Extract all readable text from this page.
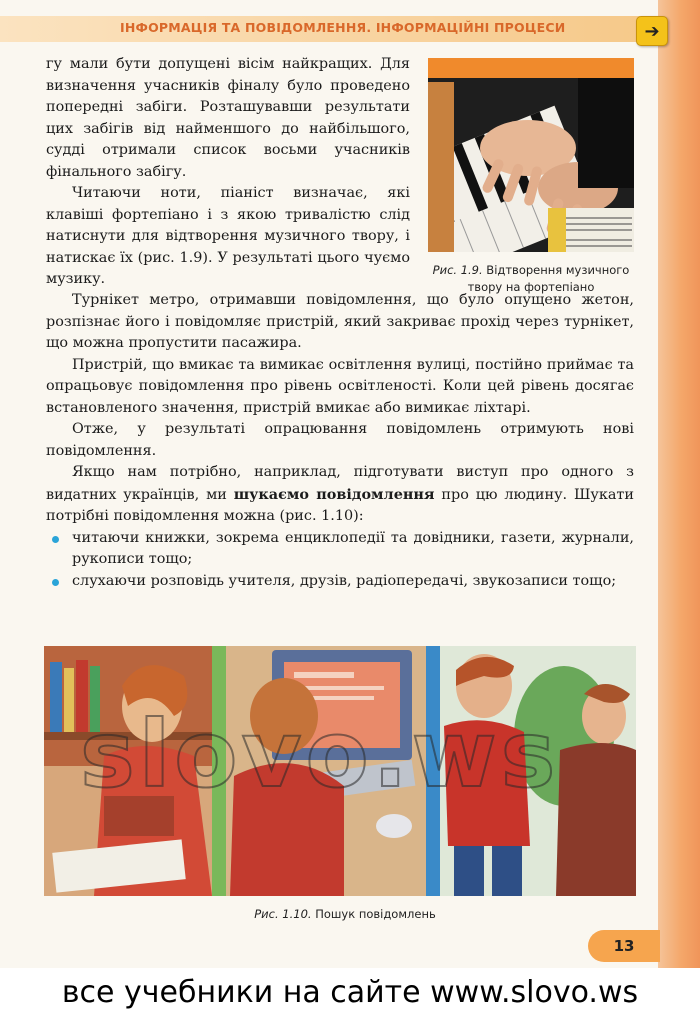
ІНФОРМАЦІЯ ТА ПОВІДОМЛЕННЯ. ІНФОРМАЦІЙНІ ПРОЦЕСИ	➔

гу мали бути допущені вісім найкращих. Для визначення учасників фіналу було проведено попередні забіги. Розташувавши результати цих забігів від найменшого до найбільшого, судді отримали список восьми учасників фінального забігу.

Читаючи ноти, піаніст визначає, які клавіші фортепіано і з якою тривалістю слід натиснути для відтворення музичного твору, і натискає їх (рис. 1.9). У результаті цього чуємо музику.

Рис. 1.9. Відтворення музичного твору на фортепіано

Турнікет метро, отримавши повідомлення, що було опущено жетон, розпізнає його і повідомляє пристрій, який закриває прохід через турнікет, що можна пропустити пасажира.

Пристрій, що вмикає та вимикає освітлення вулиці, постійно приймає та опрацьовує повідомлення про рівень освітленості. Коли цей рівень досягає встановленого значення, пристрій вмикає або вимикає ліхтарі.

Отже, у результаті опрацювання повідомлень отримують нові повідомлення.

Якщо нам потрібно, наприклад, підготувати виступ про одного з видатних українців, ми шукаємо повідомлення про цю людину. Шукати потрібні повідомлення можна (рис. 1.10):

читаючи книжки, зокрема енциклопедії та довідники, газети, журнали, рукописи тощо;
слухаючи розповідь учителя, друзів, радіопередачі, звукозаписи тощо;
slovo.ws
Рис. 1.10. Пошук повідомлень
13
все учебники на сайте www.slovo.ws
